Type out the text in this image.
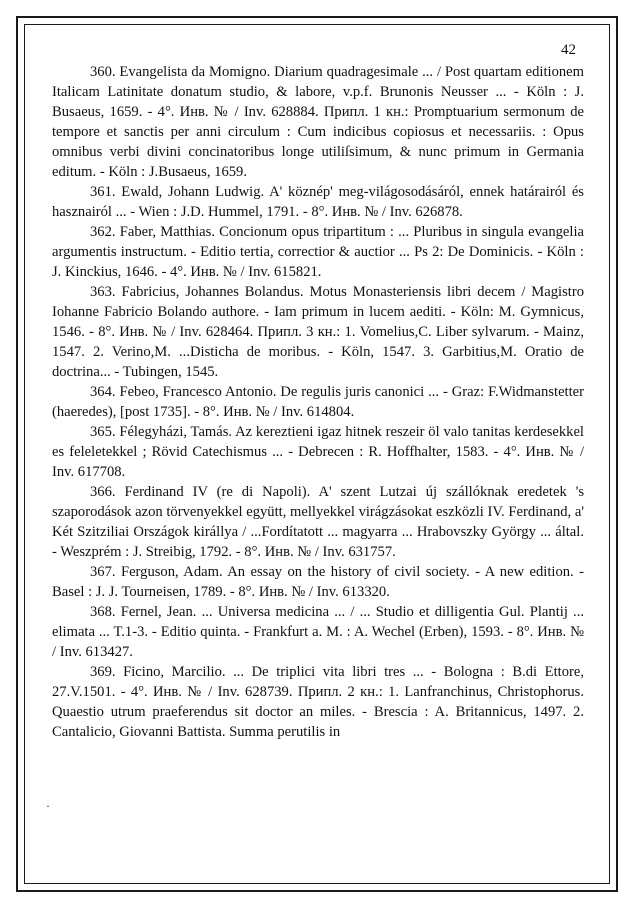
42

360. Evangelista da Momigno. Diarium quadragesimale ... / Post quartam editionem Italicam Latinitate donatum studio, & labore, v.p.f. Brunonis Neusser ... - Köln : J. Busaeus, 1659. - 4°. Инв. № / Inv. 628884. Припл. 1 кн.: Promptuarium sermonum de tempore et sanctis per anni circulum : Cum indicibus copiosus et necessariis. : Opus omnibus verbi divini concinatoribus longe utiliſsimum, & nunc primum in Germania editum. - Köln : J.Busaeus, 1659.

361. Ewald, Johann Ludwig. A' köznép' meg-világosodásáról, ennek határairól és hasznairól ... - Wien : J.D. Hummel, 1791. - 8°. Инв. № / Inv. 626878.

362. Faber, Matthias. Concionum opus tripartitum : ... Pluribus in singula evangelia argumentis instructum. - Editio tertia, correctior & auctior ... Ps 2: De Dominicis. - Köln : J. Kinckius, 1646. - 4°. Инв. № / Inv. 615821.

363. Fabricius, Johannes Bolandus. Motus Monasteriensis libri decem / Magistro Iohanne Fabricio Bolando authore. - Iam primum in lucem aediti. - Köln: M. Gymnicus, 1546. - 8°. Инв. № / Inv. 628464. Припл. 3 кн.: 1. Vomelius,C. Liber sylvarum. - Mainz, 1547. 2. Verino,M. ...Disticha de moribus. - Köln, 1547. 3. Garbitius,M. Oratio de doctrina... - Tubingen, 1545.

364. Febeo, Francesco Antonio. De regulis juris canonici ... - Graz: F.Widmanstetter (haeredes), [post 1735]. - 8°. Инв. № / Inv. 614804.

365. Félegyházi, Tamás. Az kereztieni igaz hitnek reszeir öl valo tanitas kerdesekkel es feleletekkel ; Rövid Catechismus ... - Debrecen : R. Hoffhalter, 1583. - 4°. Инв. № / Inv. 617708.

366. Ferdinand IV (re di Napoli). A' szent Lutzai új szállóknak eredetek 's szaporodások azon törvenyekkel együtt, mellyekkel virágzásokat eszközli IV. Ferdinand, a' Két Szitziliai Országok királlya / ...Fordítatott ... magyarra ... Hrabovszky György ... által. - Weszprém : J. Streibig, 1792. - 8°. Инв. № / Inv. 631757.

367. Ferguson, Adam. An essay on the history of civil society. - A new edition. - Basel : J. J. Tourneisen, 1789. - 8°. Инв. № / Inv. 613320.

368. Fernel, Jean. ... Universa medicina ... / ... Studio et dilligentia Gul. Plantij ... elimata ... T.1-3. - Editio quinta. - Frankfurt a. M. : A. Wechel (Erben), 1593. - 8°. Инв. № / Inv. 613427.

369. Ficino, Marcilio. ... De triplici vita libri tres ... - Bologna : B.di Ettore, 27.V.1501. - 4°. Инв. № / Inv. 628739. Припл. 2 кн.: 1. Lanfranchinus, Christophorus. Quaestio utrum praeferendus sit doctor an miles. - Brescia : A. Britannicus, 1497. 2. Cantalicio, Giovanni Battista. Summa perutilis in

·
